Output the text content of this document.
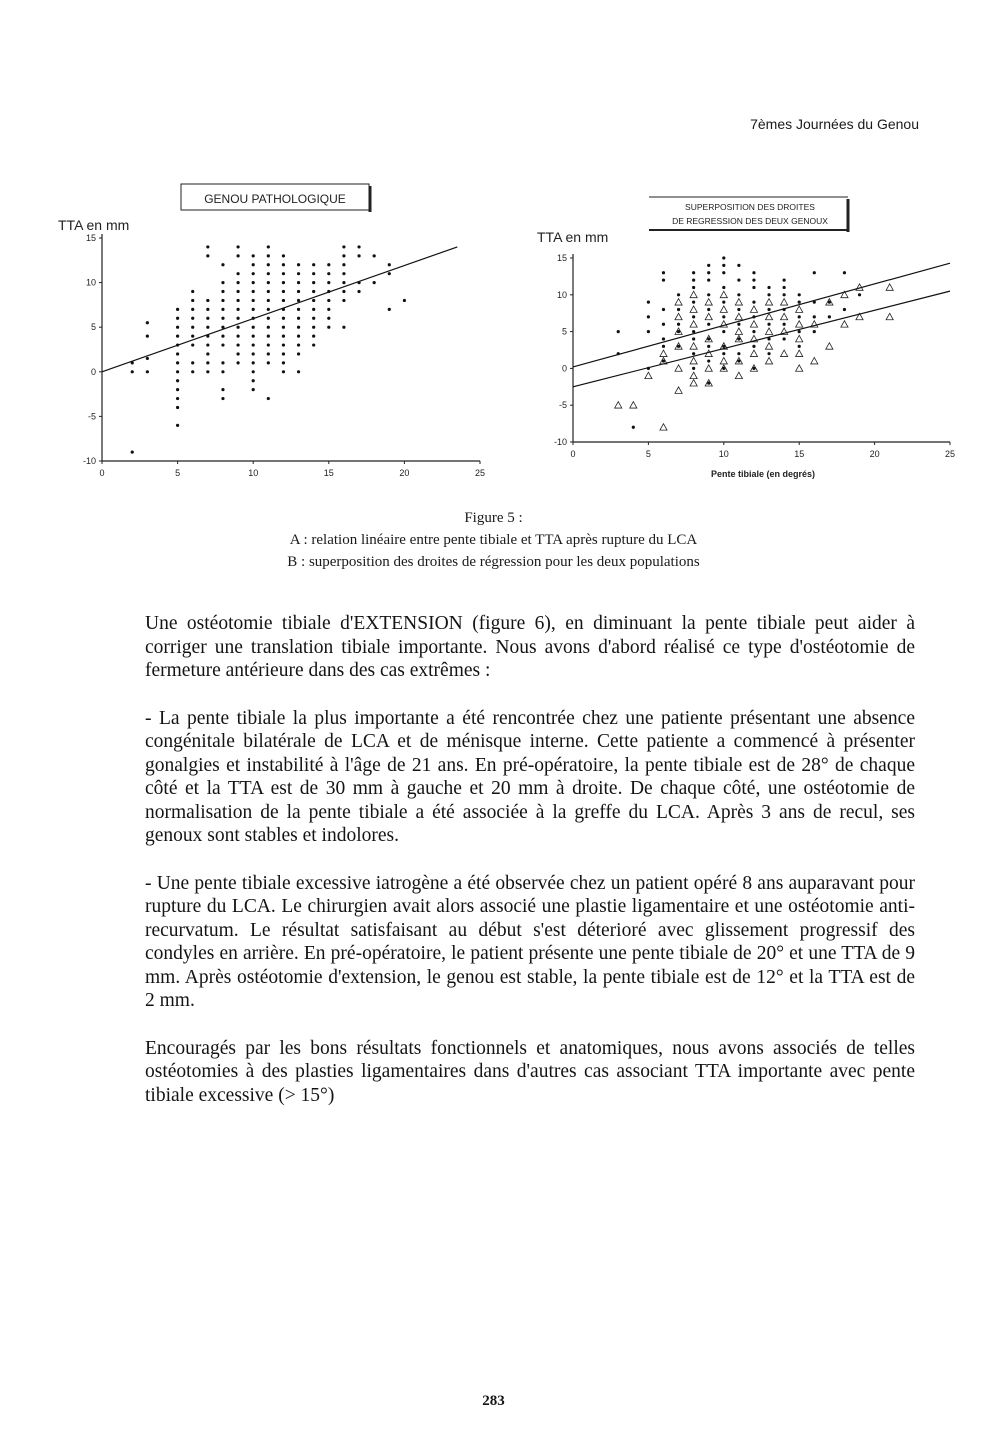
7èmes Journées du Genou
GENOU PATHOLOGIQUE
TTA en mm
0	5	10	15	20	25
-10
-5
0
5
10
15
SUPERPOSITION DES DROITES
DE REGRESSION DES DEUX GENOUX
TTA en mm
Pente tibiale (en degrés)
0	5	10	15	20	25
-10
-5
0
5
10
15
Figure 5 :
A : relation linéaire entre pente tibiale et TTA après rupture du LCA
B : superposition des droites de régression pour les deux populations

Une ostéotomie tibiale d'EXTENSION (figure 6), en diminuant la pente tibiale peut aider à corriger une translation tibiale importante. Nous avons d'abord réalisé ce type d'ostéotomie de fermeture antérieure dans des cas extrêmes :

- La pente tibiale la plus importante a été rencontrée chez une patiente présentant une absence congénitale bilatérale de LCA et de ménisque interne. Cette patiente a commencé à présenter gonalgies et instabilité à l'âge de 21 ans. En pré-opératoire, la pente tibiale est de 28° de chaque côté et la TTA est de 30 mm à gauche et 20 mm à droite. De chaque côté, une ostéotomie de normalisation de la pente tibiale a été associée à la greffe du LCA. Après 3 ans de recul, ses genoux sont stables et indolores.

- Une pente tibiale excessive iatrogène a été observée chez un patient opéré 8 ans auparavant pour rupture du LCA. Le chirurgien avait alors associé une plastie ligamentaire et une ostéotomie anti-recurvatum. Le résultat satisfaisant au début s'est déterioré avec glissement progressif des condyles en arrière. En pré-opératoire, le patient présente une pente tibiale de 20° et une TTA de 9 mm. Après ostéotomie d'extension, le genou est stable, la pente tibiale est de 12° et la TTA est de 2 mm.

Encouragés par les bons résultats fonctionnels et anatomiques, nous avons associés de telles ostéotomies à des plasties ligamentaires dans d'autres cas associant TTA importante avec pente tibiale excessive (> 15°)

283
